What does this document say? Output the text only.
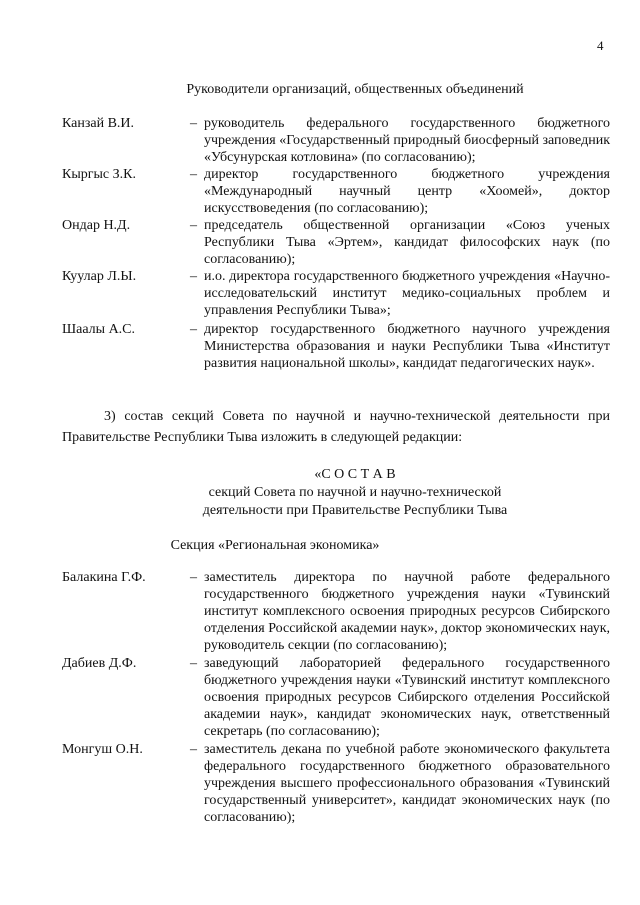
4
Руководители организаций, общественных объединений
Канзай В.И.	– руководитель федерального государственного бюджетного учреждения «Государственный природный биосферный заповедник «Убсунурская котловина» (по согласованию);
Кыргыс З.К.	– директор государственного бюджетного учреждения «Международный научный центр «Хоомей», доктор искусствоведения (по согласованию);
Ондар Н.Д.	– председатель общественной организации «Союз ученых Республики Тыва «Эртем», кандидат философских наук (по согласованию);
Куулар Л.Ы.	– и.о. директора государственного бюджетного учреждения «Научно-исследовательский институт медико-социальных проблем и управления Республики Тыва»;
Шаалы А.С.	– директор государственного бюджетного научного учреждения Министерства образования и науки Республики Тыва «Институт развития национальной школы», кандидат педагогических наук».
3) состав секций Совета по научной и научно-технической деятельности при Правительстве Республики Тыва изложить в следующей редакции:
«С О С Т А В
секций Совета по научной и научно-технической
деятельности при Правительстве Республики Тыва
Секция «Региональная экономика»
Балакина Г.Ф.	– заместитель директора по научной работе федерального государственного бюджетного учреждения науки «Тувинский институт комплексного освоения природных ресурсов Сибирского отделения Российской академии наук», доктор экономических наук, руководитель секции (по согласованию);
Дабиев Д.Ф.	– заведующий лабораторией федерального государственного бюджетного учреждения науки «Тувинский институт комплексного освоения природных ресурсов Сибирского отделения Российской академии наук», кандидат экономических наук, ответственный секретарь (по согласованию);
Монгуш О.Н.	– заместитель декана по учебной работе экономического факультета федерального государственного бюджетного образовательного учреждения высшего профессионального образования «Тувинский государственный университет», кандидат экономических наук (по согласованию);
